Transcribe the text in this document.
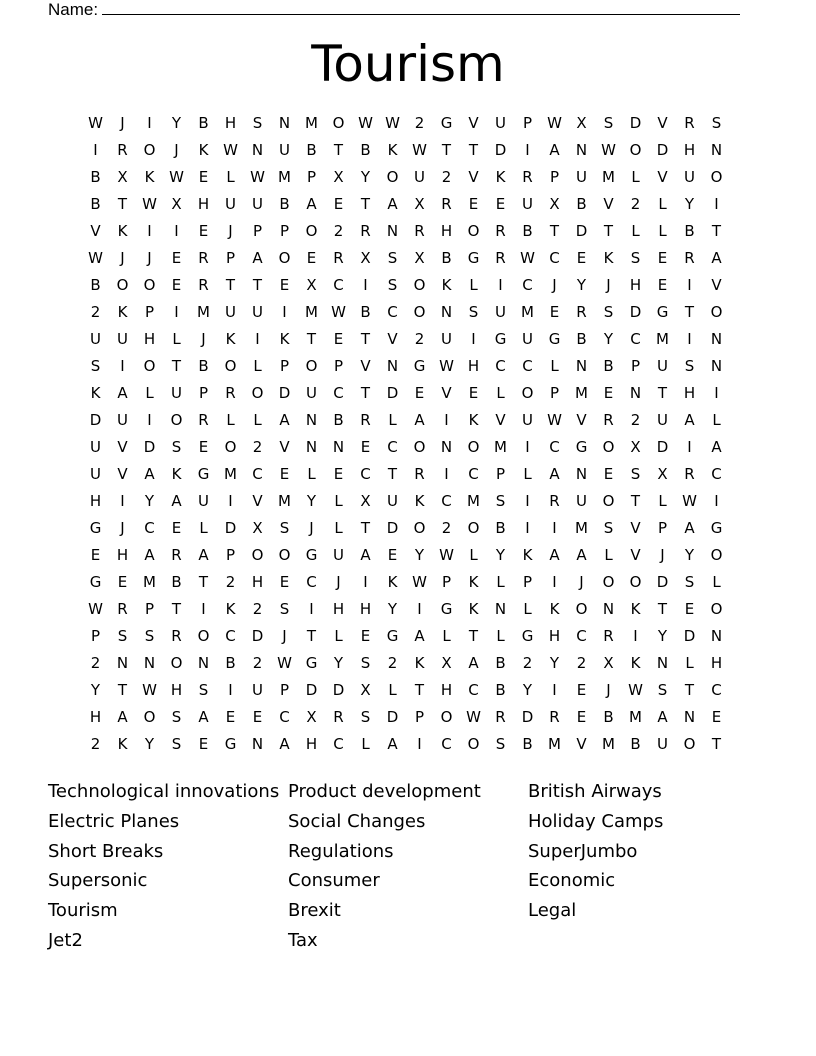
Name:
Tourism
W	J	I	Y	B	H	S	N M O W W 2	G	V	U	P	W X	S	D	V	R	S
I	R	O	J	K W N	U	B	T	B	K W T	T	D	I	A	N W O	D	H	N
B	X	K W E	L	W M	P	X	Y	O	U	2	V	K	R	P	U	M	L	V	U	O
B	T	W X	H	U	U	B	A	E	T	A	X	R	E	E	U	X	B	V	2	L	Y	I
V	K	I	I	E	J	P	P	O	2	R	N	R	H	O	R	B	T	D	T	L	L	B	T
W	J	J	E	R	P	A	O	E	R	X	S	X	B	G	R W C	E	K	S	E	R	A
B	O	O	E	R	T	T	E	X	C	I	S	O	K	L	I	C	J	Y	J	H	E	I	V
2	K	P	I	M	U	U	I	M W B	C	O	N	S	U	M	E	R	S	D	G	T	O
U	U	H	L	J	K	I	K	T	E	T	V	2	U	I	G	U	G	B	Y	C	M	I	N
S	I	O	T	B	O	L	P	O	P	V	N	G W H	C	C	L	N	B	P	U	S	N
K	A	L	U	P	R	O	D	U	C	T	D	E	V	E	L	O	P	M	E	N	T	H	I
D	U	I	O	R	L	L	A	N	B	R	L	A	I	K	V	U W V	R	2	U	A	L
U	V	D	S	E	O	2	V	N	N	E	C	O	N	O M	I	C	G	O	X	D	I	A
U	V	A	K	G M	C	E	L	E	C	T	R	I	C	P	L	A	N	E	S	X	R	C
H	I	Y	A	U	I	V	M	Y	L	X	U	K	C	M	S	I	R	U	O	T	L	W	I
G	J	C	E	L	D	X	S	J	L	T	D	O	2	O	B	I	I	M	S	V	P	A	G
E	H	A	R	A	P	O	O	G	U	A	E	Y	W	L	Y	K	A	A	L	V	J	Y	O
G	E	M	B	T	2	H	E	C	J	I	K W	P	K	L	P	I	J	O	O	D	S	L
W R	P	T	I	K	2	S	I	H	H	Y	I	G	K	N	L	K	O	N	K	T	E	O
P	S	S	R	O	C	D	J	T	L	E	G	A	L	T	L	G	H	C	R	I	Y	D	N
2	N	N	O	N	B	2 W G	Y	S	2	K	X	A	B	2	Y	2	X	K	N	L	H
Y	T	W H	S	I	U	P	D	D	X	L	T	H	C	B	Y	I	E	J	W S	T	C
H	A	O	S	A	E	E	C	X	R	S	D	P	O W R	D	R	E	B	M	A	N	E
2	K	Y	S	E	G	N	A	H	C	L	A	I	C	O	S	B	M	V	M	B	U	O	T
Technological innovations
Electric Planes
Short Breaks
Supersonic
Tourism
Jet2
Product development
Social Changes
Regulations
Consumer
Brexit
Tax
British Airways
Holiday Camps
SuperJumbo
Economic
Legal
